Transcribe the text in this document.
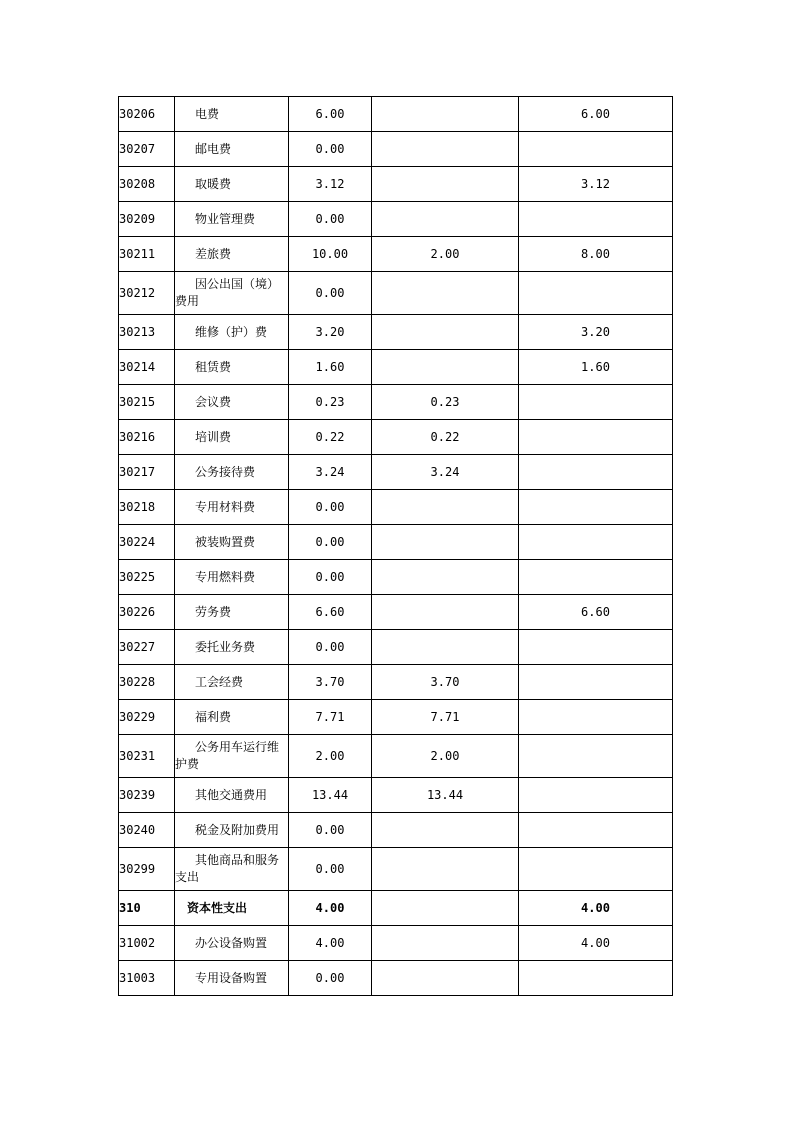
30206	电费	6.00		6.00
30207	邮电费	0.00		
30208	取暖费	3.12		3.12
30209	物业管理费	0.00		
30211	差旅费	10.00	2.00	8.00
30212	因公出国（境）费用	0.00		
30213	维修（护）费	3.20		3.20
30214	租赁费	1.60		1.60
30215	会议费	0.23	0.23	
30216	培训费	0.22	0.22	
30217	公务接待费	3.24	3.24	
30218	专用材料费	0.00		
30224	被装购置费	0.00		
30225	专用燃料费	0.00		
30226	劳务费	6.60		6.60
30227	委托业务费	0.00		
30228	工会经费	3.70	3.70	
30229	福利费	7.71	7.71	
30231	公务用车运行维护费	2.00	2.00	
30239	其他交通费用	13.44	13.44	
30240	税金及附加费用	0.00		
30299	其他商品和服务支出	0.00		
310	资本性支出	4.00		4.00
31002	办公设备购置	4.00		4.00
31003	专用设备购置	0.00		
